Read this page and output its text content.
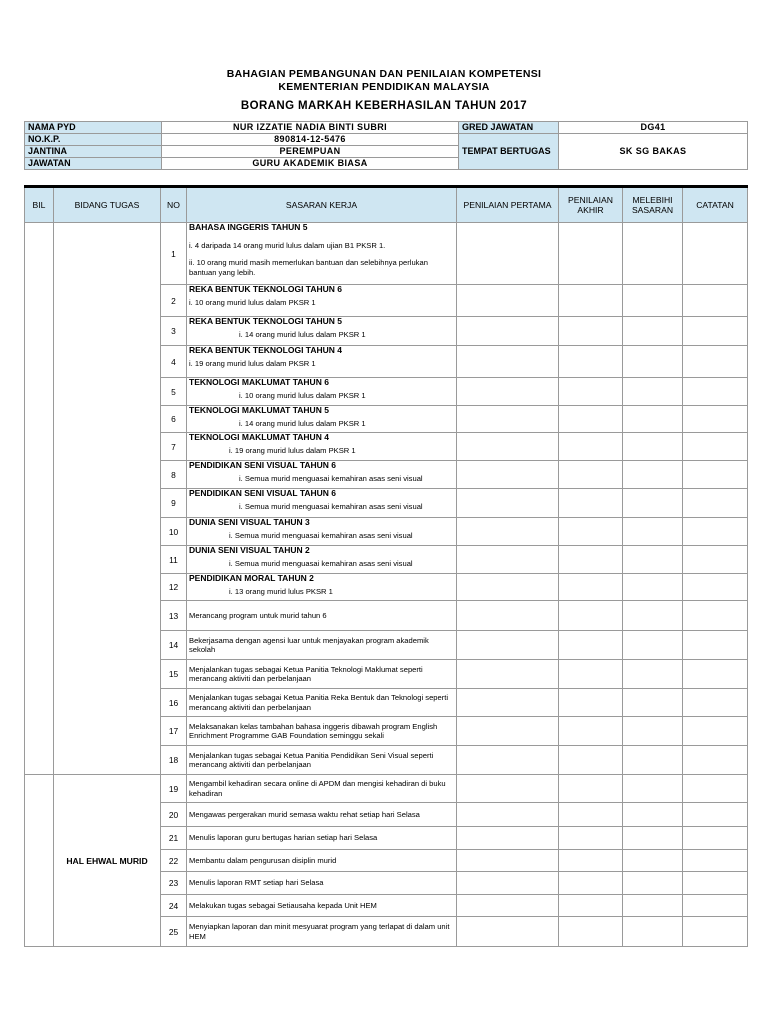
BAHAGIAN PEMBANGUNAN DAN PENILAIAN KOMPETENSI
KEMENTERIAN PENDIDIKAN MALAYSIA
BORANG MARKAH KEBERHASILAN TAHUN 2017
NAMA PYD	NUR IZZATIE NADIA BINTI SUBRI	GRED JAWATAN	DG41
NO.K.P.	890814-12-5476	TEMPAT BERTUGAS	SK SG BAKAS
JANTINA	PEREMPUAN		
JAWATAN	GURU AKADEMIK BIASA		
BIL	BIDANG TUGAS	NO	SASARAN KERJA	PENILAIAN PERTAMA	PENILAIAN AKHIR	MELEBIHI SASARAN	CATATAN
		1	BAHASA INGGERIS TAHUN 5
i. 4 daripada 14 orang murid lulus dalam ujian B1 PKSR 1.
ii. 10 orang murid masih memerlukan bantuan dan selebihnya perlukan bantuan yang lebih.				

		2	REKA BENTUK TEKNOLOGI TAHUN 6
i. 10 orang murid lulus dalam PKSR 1				

		3	REKA BENTUK TEKNOLOGI TAHUN 5
i. 14 orang murid lulus dalam PKSR 1				

		4	REKA BENTUK TEKNOLOGI TAHUN 4
i. 19 orang murid lulus dalam PKSR 1				

		5	TEKNOLOGI MAKLUMAT TAHUN 6
i. 10 orang murid lulus dalam PKSR 1				

		6	TEKNOLOGI MAKLUMAT TAHUN 5
i. 14 orang murid lulus dalam PKSR 1				

		7	TEKNOLOGI MAKLUMAT TAHUN 4
i. 19 orang murid lulus dalam PKSR 1				

		8	PENDIDIKAN SENI VISUAL TAHUN 6
i. Semua murid menguasai kemahiran asas seni visual				

		9	PENDIDIKAN SENI VISUAL TAHUN 6
i. Semua murid menguasai kemahiran asas seni visual				

		10	DUNIA SENI VISUAL TAHUN 3
i. Semua murid menguasai kemahiran asas seni visual				

		11	DUNIA SENI VISUAL TAHUN 2
i. Semua murid menguasai kemahiran asas seni visual				

		12	PENDIDIKAN MORAL TAHUN 2
i. 13 orang murid lulus PKSR 1				

		13	Merancang program untuk murid tahun 6				

		14	Bekerjasama dengan agensi luar untuk menjayakan program akademik sekolah				

		15	Menjalankan tugas sebagai Ketua Panitia Teknologi Maklumat seperti merancang aktiviti dan perbelanjaan				

		16	Menjalankan tugas sebagai Ketua Panitia Reka Bentuk dan Teknologi seperti merancang aktiviti dan perbelanjaan				

		17	Melaksanakan kelas tambahan bahasa inggeris dibawah program English Enrichment Programme GAB Foundation seminggu sekali				

		18	Menjalankan tugas sebagai Ketua Panitia Pendidikan Seni Visual seperti merancang aktiviti dan perbelanjaan				

	HAL EHWAL MURID	19	Mengambil kehadiran secara online di APDM dan mengisi kehadiran di buku kehadiran				

		20	Mengawas pergerakan murid semasa waktu rehat setiap hari Selasa				

		21	Menulis laporan guru bertugas harian setiap hari Selasa				

		22	Membantu dalam pengurusan disiplin murid				

		23	Menulis laporan RMT setiap hari Selasa				

		24	Melakukan tugas sebagai Setiausaha kepada Unit HEM				

		25	Menyiapkan laporan dan minit mesyuarat program yang terlapat di dalam unit HEM				
